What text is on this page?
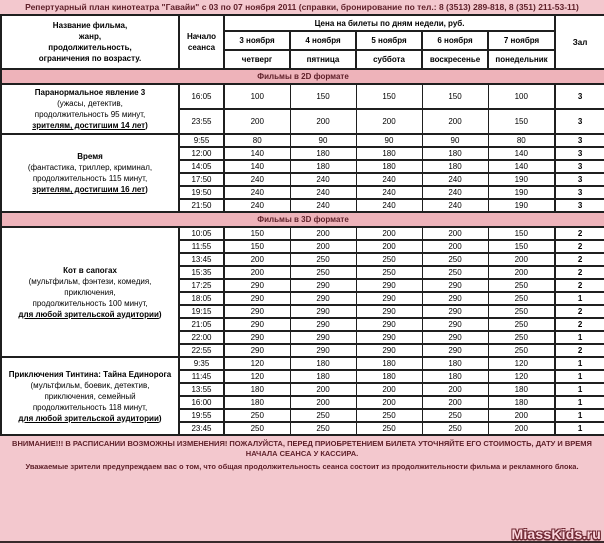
Репертуарный план кинотеатра "Гавайи" с 03 по 07 ноября 2011 (справки, бронирование по тел.: 8 (3513) 289-818, 8 (351) 211-53-11)
Название фильма,
жанр,
продолжительность,
ограничения по возрасту.	Начало
сеанса	Цена на билеты по дням недели, руб.					Зал
		3 ноября	4 ноября	5 ноября	6 ноября	7 ноября	
		четверг	пятница	суббота	воскресенье	понедельник	
Фильмы в 2D формате							

Паранормальное явление 3
(ужасы, детектив,
продолжительность 95 минут,
зрителям, достигшим 14 лет)	16:05	100	150	150	150	100	3
	23:55	200	200	200	200	150	3

Время
(фантастика, триллер, криминал,
продолжительность 115 минут,
зрителям, достигшим 16 лет)	9:55	80	90	90	90	80	3
	12:00	140	180	180	180	140	3
	14:05	140	180	180	180	140	3
	17:50	240	240	240	240	190	3
	19:50	240	240	240	240	190	3
	21:50	240	240	240	240	190	3
Фильмы в 3D формате							

Кот в сапогах
(мультфильм, фэнтези, комедия,
приключения,
продолжительность 100 минут,
для любой зрительской аудитории)	10:05	150	200	200	200	150	2
	11:55	150	200	200	200	150	2
	13:45	200	250	250	250	200	2
	15:35	200	250	250	250	200	2
	17:25	290	290	290	290	250	2
	18:05	290	290	290	290	250	1
	19:15	290	290	290	290	250	2
	21:05	290	290	290	290	250	2
	22:00	290	290	290	290	250	1
	22:55	290	290	290	290	250	2

Приключения Тинтина: Тайна Единорога
(мультфильм, боевик, детектив,
приключения, семейный
продолжительность 118 минут,
для любой зрительской аудитории)	9:35	120	180	180	180	120	1
	11:45	120	180	180	180	120	1
	13:55	180	200	200	200	180	1
	16:00	180	200	200	200	180	1
	19:55	250	250	250	250	200	1
	23:45	250	250	250	250	200	1
ВНИМАНИЕ!!! В РАСПИСАНИИ ВОЗМОЖНЫ ИЗМЕНЕНИЯ! ПОЖАЛУЙСТА, ПЕРЕД ПРИОБРЕТЕНИЕМ БИЛЕТА УТОЧНЯЙТЕ ЕГО СТОИМОСТЬ, ДАТУ И ВРЕМЯ НАЧАЛА СЕАНСА У КАССИРА.
Уважаемые зрители предупреждаем вас о том, что общая продолжительность сеанса состоит из продолжительности фильма и рекламного блока.
MiassKids.ru
